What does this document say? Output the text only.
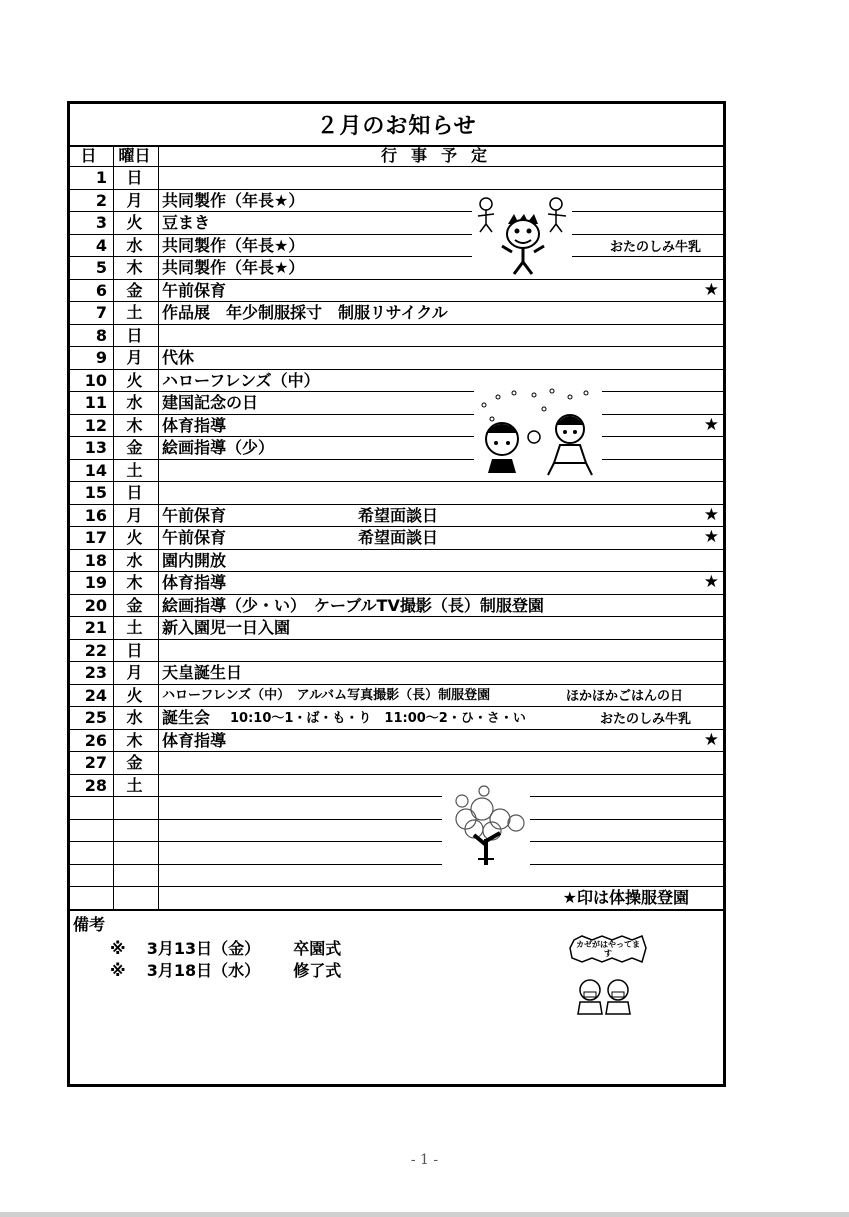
２月のお知らせ
日	曜日	行事予定
1	日
2	月	共同製作（年長★）
3	火	豆まき
4	水	共同製作（年長★）	おたのしみ牛乳
5	木	共同製作（年長★）
6	金	午前保育	★
7	土	作品展　年少制服採寸　制服リサイクル
8	日
9	月	代休
10	火	ハローフレンズ（中）
11	水	建国記念の日
12	木	体育指導	★
13	金	絵画指導（少）
14	土
15	日
16	月	午前保育	希望面談日	★
17	火	午前保育	希望面談日	★
18	水	園内開放
19	木	体育指導	★
20	金	絵画指導（少・い）　ケーブルTV撮影（長）制服登園
21	土	新入園児一日入園
22	日
23	月	天皇誕生日
24	火	ハローフレンズ（中）　アルバム写真撮影（長）制服登園	ほかほかごはんの日
25	水	誕生会 10:10～1・ば・も・り　11:00～2・ひ・さ・い	おたのしみ牛乳
26	木	体育指導	★
27	金
28	土
★印は体操服登園
備考
※ 3月13日（金） 卒園式
※ 3月18日（水） 修了式
カゼがはやってます
- 1 -
